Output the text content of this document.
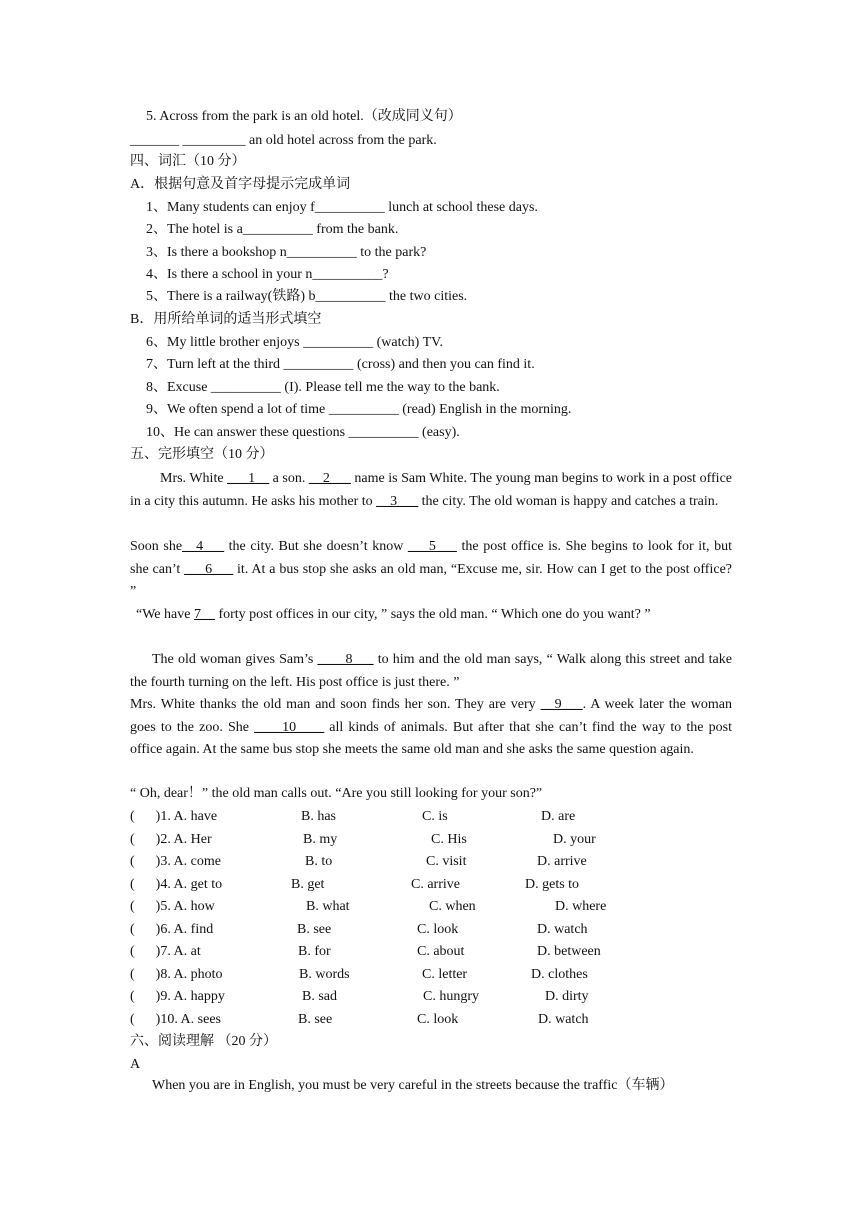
5. Across from the park is an old hotel.（改成同义句）
_______ _________ an old hotel across from the park.
四、词汇（10 分）
A．根据句意及首字母提示完成单词
1、Many students can enjoy f__________ lunch at school these days.
2、The hotel is a__________ from the bank.
3、Is there a bookshop n__________ to the park?
4、Is there a school in your n__________?
5、There is a railway(铁路) b__________ the two cities.
B．用所给单词的适当形式填空
6、My little brother enjoys __________ (watch) TV.
7、Turn left at the third __________ (cross) and then you can find it.
8、Excuse __________ (I). Please tell me the way to the bank.
9、We often spend a lot of time __________ (read) English in the morning.
10、He can answer these questions __________ (easy).
五、完形填空（10 分）
Mrs. White ___1__ a son. __2___ name is Sam White. The young man begins to work in a post office in a city this autumn. He asks his mother to __3___ the city. The old woman is happy and catches a train.
Soon she__4___ the city. But she doesn’t know ___5___ the post office is. She begins to look for it, but she can’t ___6___ it. At a bus stop she asks an old man, “Excuse me, sir. How can I get to the post office? ”
“We have 7__ forty post offices in our city, ” says the old man. “ Which one do you want? ”
The old woman gives Sam’s ____8___ to him and the old man says, “ Walk along this street and take the fourth turning on the left. His post office is just there. ”
Mrs. White thanks the old man and soon finds her son. They are very __9___. A week later the woman goes to the zoo. She ____10____ all kinds of animals. But after that she can’t find the way to the post office again. At the same bus stop she meets the same old man and she asks the same question again.
“ Oh, dear！” the old man calls out. “Are you still looking for your son?”
(      )1. A. have	B. has	C. is	D. are
(      )2. A. Her	B. my	C. His	D. your
(      )3. A. come	B. to	C. visit	D. arrive
(      )4. A. get to	B. get	C. arrive	D. gets to
(      )5. A. how	B. what	C. when	D. where
(      )6. A. find	B. see	C. look	D. watch
(      )7. A. at	B. for	C. about	D. between
(      )8. A. photo	B. words	C. letter	D. clothes
(      )9. A. happy	B. sad	C. hungry	D. dirty
(      )10. A. sees	B. see	C. look	D. watch
六、阅读理解 （20 分）
A
When you are in English, you must be very careful in the streets because the traffic（车辆）
